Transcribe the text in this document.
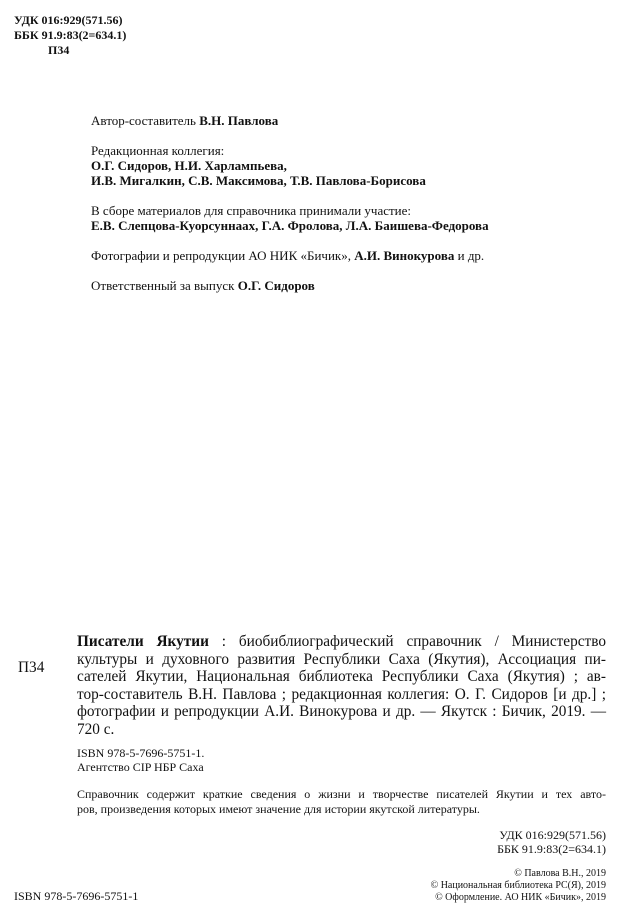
УДК 016:929(571.56)
ББК 91.9:83(2=634.1)
П34
Автор-составитель В.Н. Павлова
Редакционная коллегия:
О.Г. Сидоров, Н.И. Харлампьева,
И.В. Мигалкин, С.В. Максимова, Т.В. Павлова-Борисова
В сборе материалов для справочника принимали участие:
Е.В. Слепцова-Куорсуннаах, Г.А. Фролова, Л.А. Баишева-Федорова
Фотографии и репродукции АО НИК «Бичик», А.И. Винокурова и др.
Ответственный за выпуск О.Г. Сидоров
П34
Писатели Якутии : биобиблиографический справочник / Министерство
культуры и духовного развития Республики Саха (Якутия), Ассоциация пи-
сателей Якутии, Национальная библиотека Республики Саха (Якутия) ; ав-
тор-составитель В.Н. Павлова ; редакционная коллегия: О. Г. Сидоров [и др.] ;
фотографии и репродукции А.И. Винокурова и др. — Якутск : Бичик, 2019. —
720 с.
ISBN 978-5-7696-5751-1.
Агентство CIP НБР Саха
Справочник содержит краткие сведения о жизни и творчестве писателей Якутии и тех авто-
ров, произведения которых имеют значение для истории якутской литературы.
УДК 016:929(571.56)
ББК 91.9:83(2=634.1)
© Павлова В.Н., 2019
© Национальная библиотека РС(Я), 2019
© Оформление. АО НИК «Бичик», 2019
ISBN 978-5-7696-5751-1
